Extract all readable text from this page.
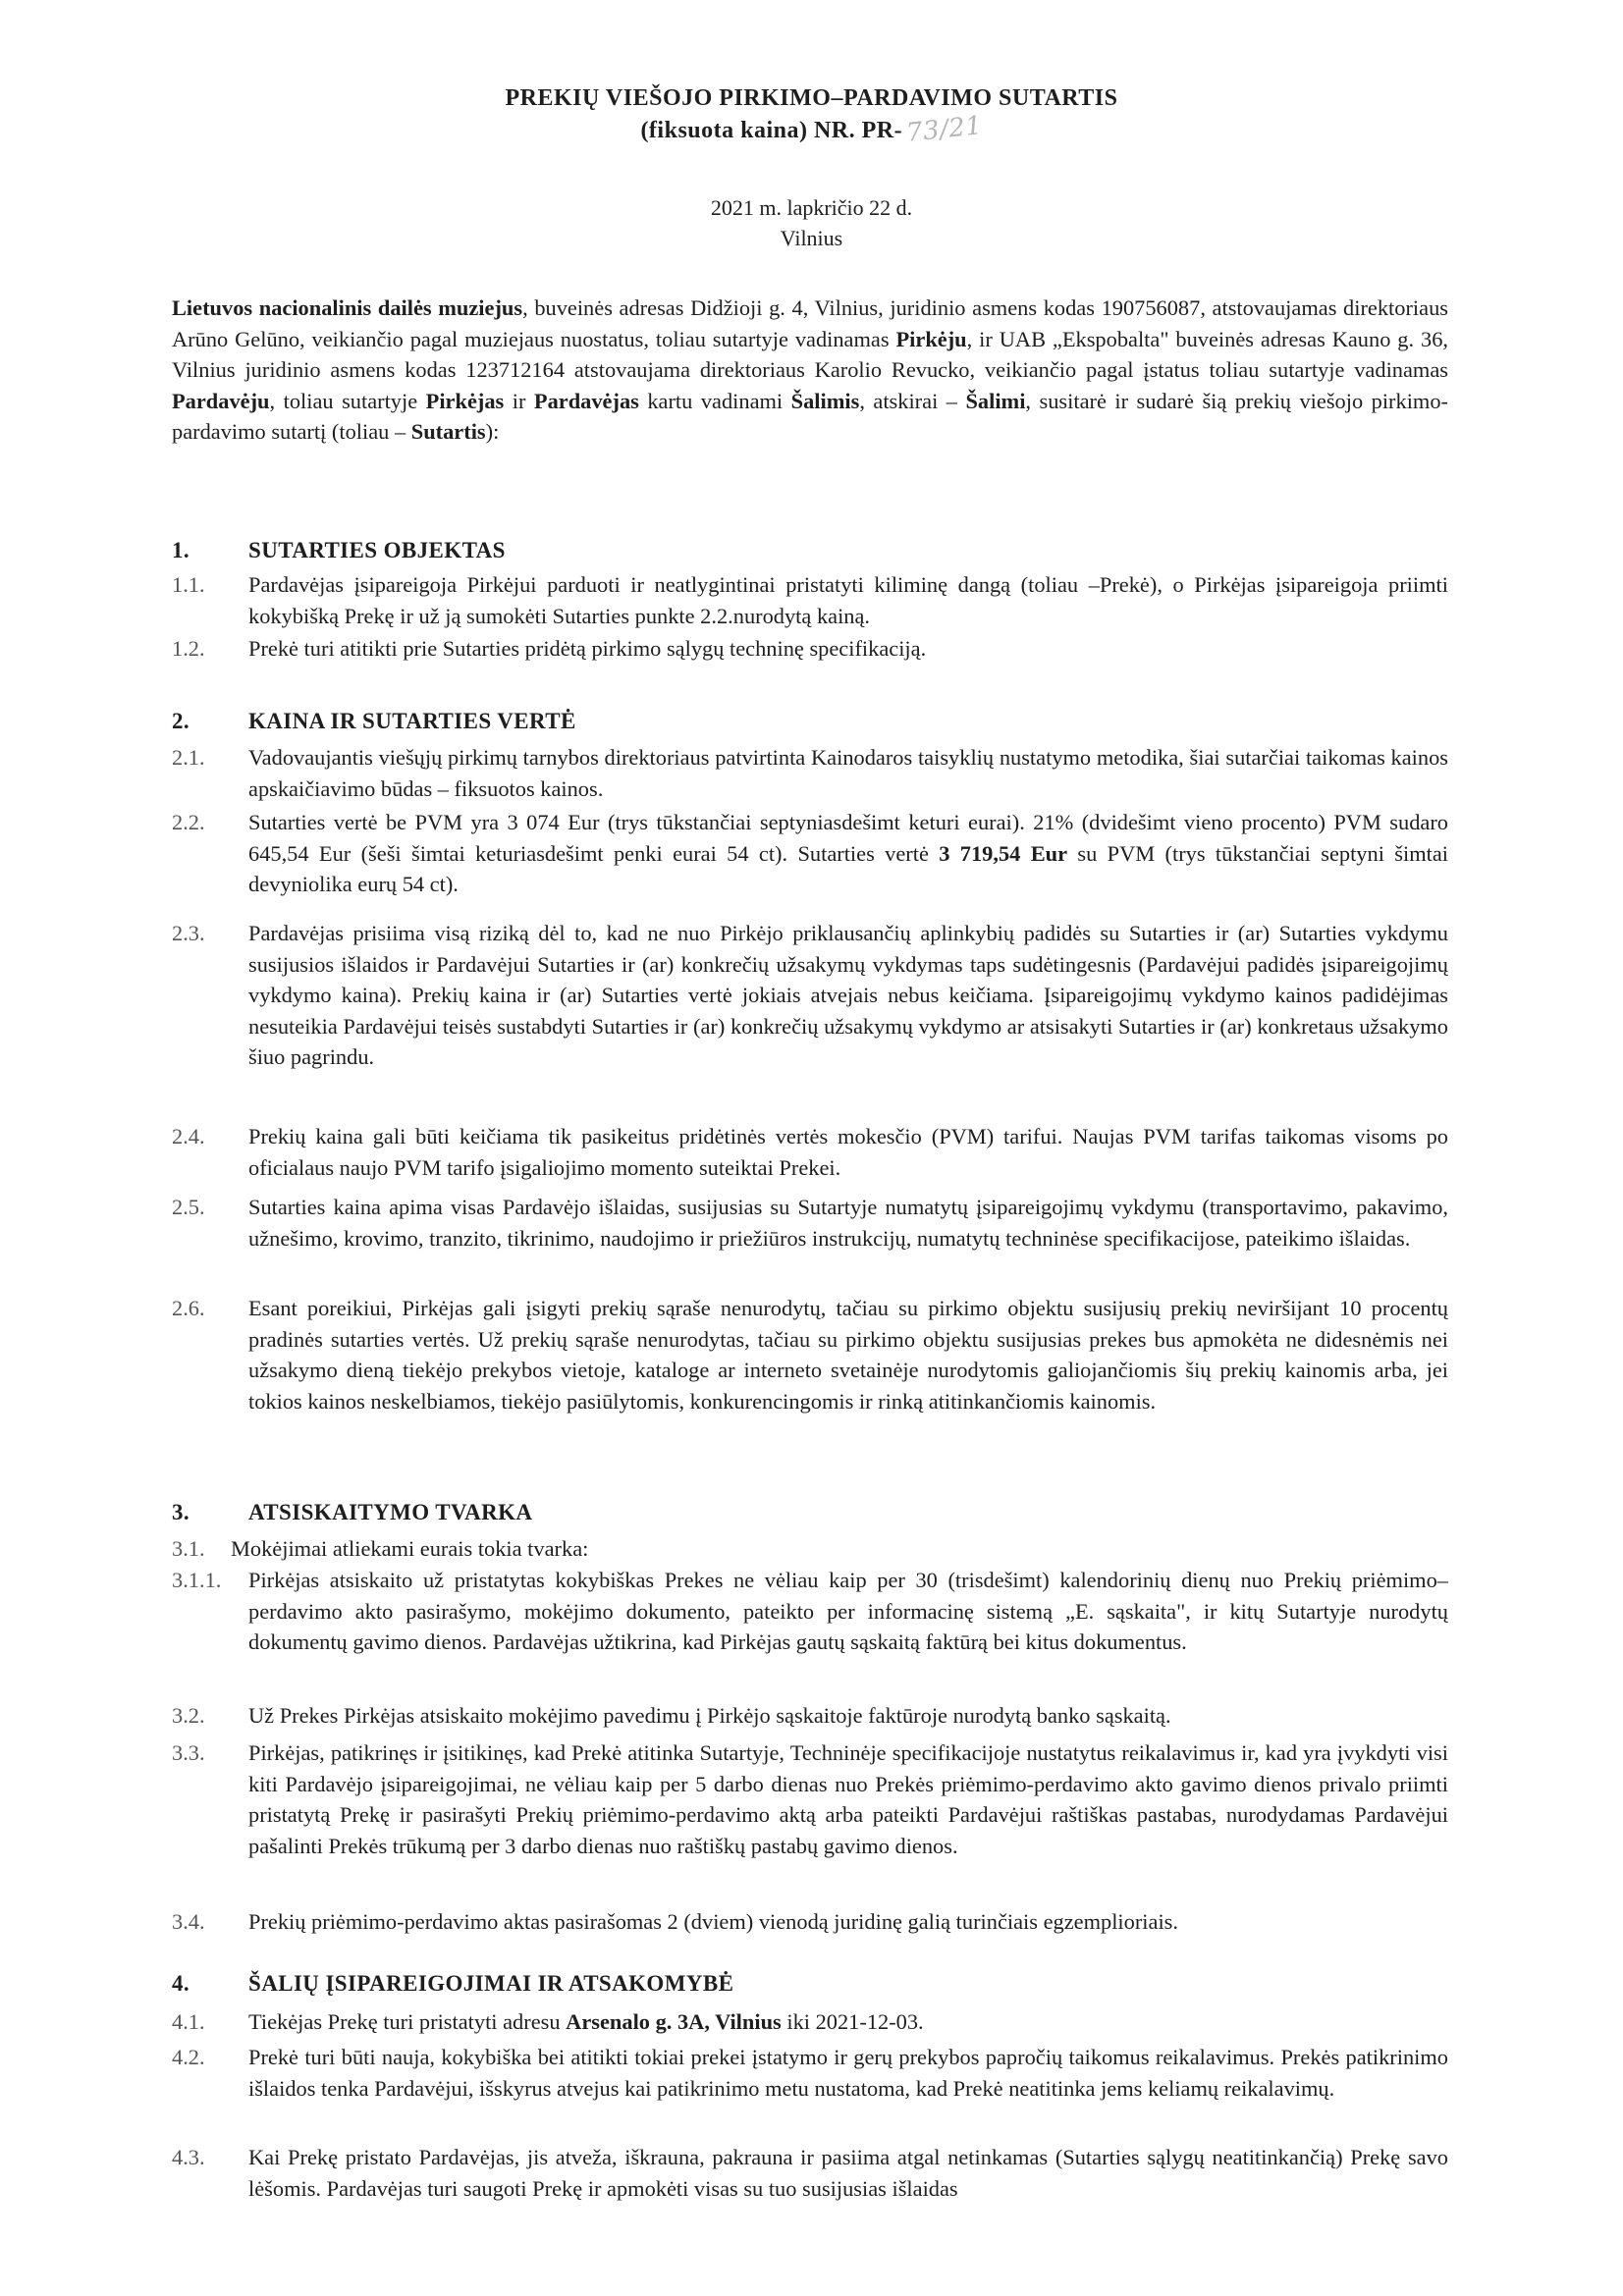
PREKIŲ VIEŠOJO PIRKIMO–PARDAVIMO SUTARTIS
(fiksuota kaina) NR. PR- 73/21
2021 m. lapkričio 22 d.
Vilnius
Lietuvos nacionalinis dailės muziejus, buveinės adresas Didžioji g. 4, Vilnius, juridinio asmens kodas 190756087, atstovaujamas direktoriaus Arūno Gelūno, veikiančio pagal muziejaus nuostatus, toliau sutartyje vadinamas Pirkėju, ir UAB „Ekspobalta" buveinės adresas Kauno g. 36, Vilnius juridinio asmens kodas 123712164 atstovaujama direktoriaus Karolio Revucko, veikiančio pagal įstatus toliau sutartyje vadinamas Pardavėju, toliau sutartyje Pirkėjas ir Pardavėjas kartu vadinami Šalimis, atskirai – Šalimi, susitarė ir sudarė šią prekių viešojo pirkimo-pardavimo sutartį (toliau – Sutartis):
1.	SUTARTIES OBJEKTAS
1.1. Pardavėjas įsipareigoja Pirkėjui parduoti ir neatlygintinai pristatyti kiliminę dangą (toliau –Prekė), o Pirkėjas įsipareigoja priimti kokybišką Prekę ir už ją sumokėti Sutarties punkte 2.2.nurodytą kainą.
1.2. Prekė turi atitikti prie Sutarties pridėtą pirkimo sąlygų techninę specifikaciją.
2.	KAINA IR SUTARTIES VERTĖ
2.1. Vadovaujantis viešųjų pirkimų tarnybos direktoriaus patvirtinta Kainodaros taisyklių nustatymo metodika, šiai sutarčiai taikomas kainos apskaičiavimo būdas – fiksuotos kainos.
2.2. Sutarties vertė be PVM yra 3 074 Eur (trys tūkstančiai septyniasdešimt keturi eurai). 21% (dvidešimt vieno procento) PVM sudaro 645,54 Eur (šeši šimtai keturiasdešimt penki eurai 54 ct). Sutarties vertė 3 719,54 Eur su PVM (trys tūkstančiai septyni šimtai devyniolika eurų 54 ct).
2.3. Pardavėjas prisiima visą riziką dėl to, kad ne nuo Pirkėjo priklausančių aplinkybių padidės su Sutarties ir (ar) Sutarties vykdymu susijusios išlaidos ir Pardavėjui Sutarties ir (ar) konkrečių užsakymų vykdymas taps sudėtingesnis (Pardavėjui padidės įsipareigojimų vykdymo kaina). Prekių kaina ir (ar) Sutarties vertė jokiais atvejais nebus keičiama. Įsipareigojimų vykdymo kainos padidėjimas nesuteikia Pardavėjui teisės sustabdyti Sutarties ir (ar) konkrečių užsakymų vykdymo ar atsisakyti Sutarties ir (ar) konkretaus užsakymo šiuo pagrindu.
2.4. Prekių kaina gali būti keičiama tik pasikeitus pridėtinės vertės mokesčio (PVM) tarifui. Naujas PVM tarifas taikomas visoms po oficialaus naujo PVM tarifo įsigaliojimo momento suteiktai Prekei.
2.5. Sutarties kaina apima visas Pardavėjo išlaidas, susijusias su Sutartyje numatytų įsipareigojimų vykdymu (transportavimo, pakavimo, užnešimo, krovimo, tranzito, tikrinimo, naudojimo ir priežiūros instrukcijų, numatytų techninėse specifikacijose, pateikimo išlaidas.
2.6. Esant poreikiui, Pirkėjas gali įsigyti prekių sąraše nenurodytų, tačiau su pirkimo objektu susijusių prekių neviršijant 10 procentų pradinės sutarties vertės. Už prekių sąraše nenurodytas, tačiau su pirkimo objektu susijusias prekes bus apmokėta ne didesnėmis nei užsakymo dieną tiekėjo prekybos vietoje, kataloge ar interneto svetainėje nurodytomis galiojančiomis šių prekių kainomis arba, jei tokios kainos neskelbiamos, tiekėjo pasiūlytomis, konkurencingomis ir rinką atitinkančiomis kainomis.
3.	ATSISKAITYMO TVARKA
3.1. Mokėjimai atliekami eurais tokia tvarka:
3.1.1. Pirkėjas atsiskaito už pristatytas kokybiškas Prekes ne vėliau kaip per 30 (trisdešimt) kalendorinių dienų nuo Prekių priėmimo–perdavimo akto pasirašymo, mokėjimo dokumento, pateikto per informacinę sistemą „E. sąskaita", ir kitų Sutartyje nurodytų dokumentų gavimo dienos. Pardavėjas užtikrina, kad Pirkėjas gautų sąskaitą faktūrą bei kitus dokumentus.
3.2. Už Prekes Pirkėjas atsiskaito mokėjimo pavedimu į Pirkėjo sąskaitoje faktūroje nurodytą banko sąskaitą.
3.3. Pirkėjas, patikrinęs ir įsitikinęs, kad Prekė atitinka Sutartyje, Techninėje specifikacijoje nustatytus reikalavimus ir, kad yra įvykdyti visi kiti Pardavėjo įsipareigojimai, ne vėliau kaip per 5 darbo dienas nuo Prekės priėmimo-perdavimo akto gavimo dienos privalo priimti pristatytą Prekę ir pasirašyti Prekių priėmimo-perdavimo aktą arba pateikti Pardavėjui raštiškas pastabas, nurodydamas Pardavėjui pašalinti Prekės trūkumą per 3 darbo dienas nuo raštiškų pastabų gavimo dienos.
3.4. Prekių priėmimo-perdavimo aktas pasirašomas 2 (dviem) vienodą juridinę galią turinčiais egzemplioriais.
4.	ŠALIŲ ĮSIPAREIGOJIMAI IR ATSAKOMYBĖ
4.1. Tiekėjas Prekę turi pristatyti adresu Arsenalo g. 3A, Vilnius iki 2021-12-03.
4.2. Prekė turi būti nauja, kokybiška bei atitikti tokiai prekei įstatymo ir gerų prekybos papročių taikomus reikalavimus. Prekės patikrinimo išlaidos tenka Pardavėjui, išskyrus atvejus kai patikrinimo metu nustatoma, kad Prekė neatitinka jems keliamų reikalavimų.
4.3. Kai Prekę pristato Pardavėjas, jis atveža, iškrauna, pakrauna ir pasiima atgal netinkamas (Sutarties sąlygų neatitinkančią) Prekę savo lėšomis. Pardavėjas turi saugoti Prekę ir apmokėti visas su tuo susijusias išlaidas
